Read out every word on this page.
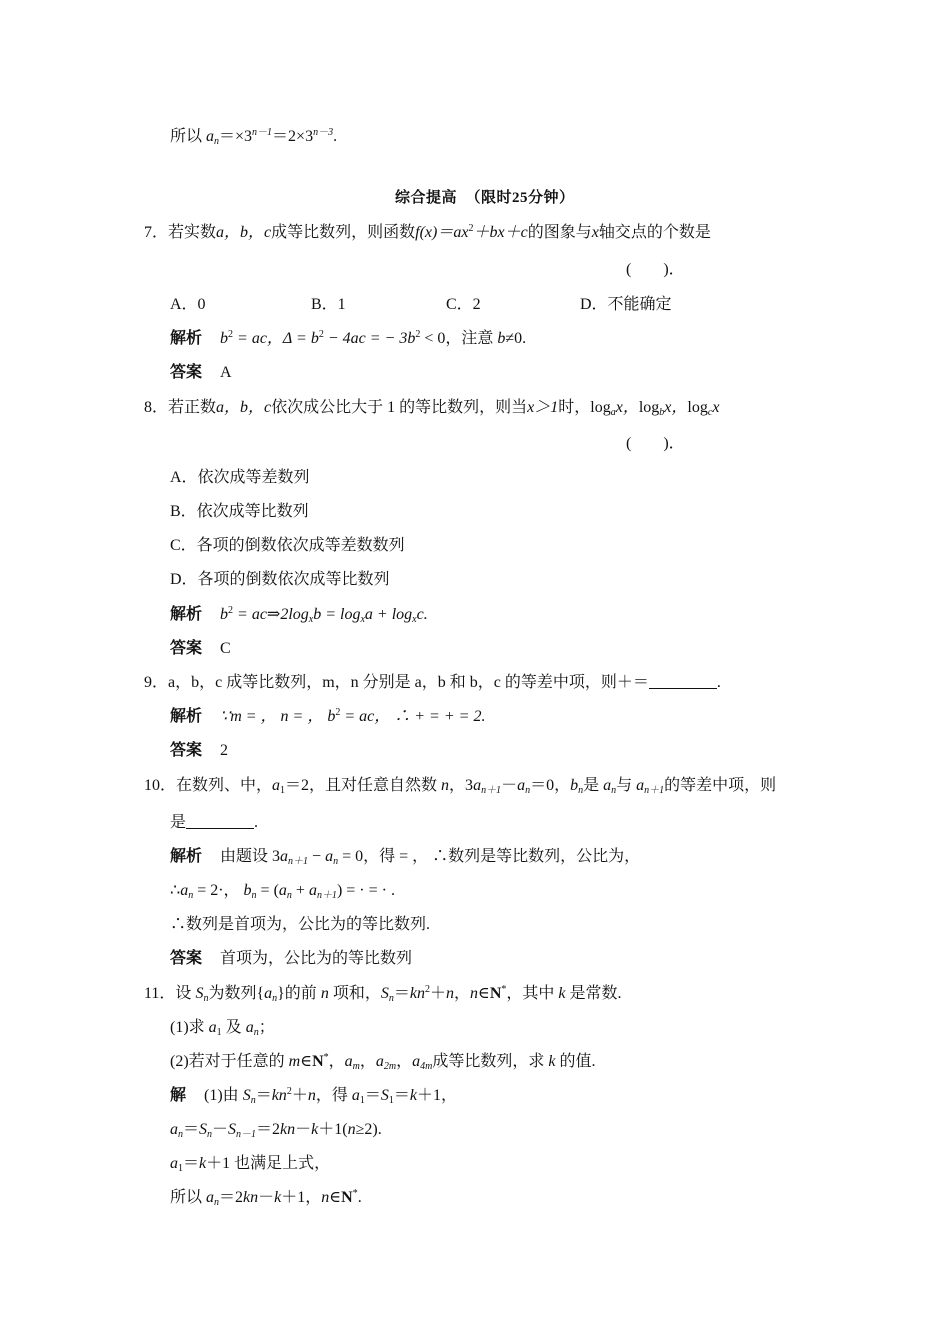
所以 $a_n=\times 3^{n-1}=2\times 3^{n-3}$.
综合提高 （限时25分钟）
7．若实数a，b，c成等比数列，则函数$f(x)=ax^2+bx+c$的图象与x轴交点的个数是
(　　)．
A．0	B．1	C．2	D．不能确定
解析 $b^2$ = ac，$\Delta = b^2 - 4ac$ = − $3b^2 < 0$，注意 b≠0.
答案 A
8．若正数a，b，c依次成公比大于 1 的等比数列，则当x＞1时，$\log_ax$，$\log_bx$，$\log_cx$
(　　)．
A．依次成等差数列
B．依次成等比数列
C．各项的倒数依次成等差数数列
D．各项的倒数依次成等比数列
解析 $b^2$ = $ac\Rightarrow 2\log_xb = \log_xa + \log_xc$.
答案 C
9．a，b，c 成等比数列，m，n 分别是 a，b 和 b，c 的等差中项，则＋＝	.
解析 ∵m = ， n = ， $b^2$ = ac， ∴ + = + = 2.
答案 2
10．在数列、中，$a_1=2$，且对任意自然数 n，$3a_{n+1}-a_n=0$，$b_n$是 $a_n$与 $a_{n+1}$的等差中项，则
是	.
解析 由题设 $3a_{n+1} - a_n = 0$，得 = ， ∴数列是等比数列，公比为，
$\therefore a_n = 2\cdot$， $b_n = (a_n + a_{n+1})$ = · = · .
∴数列是首项为，公比为的等比数列.
答案 首项为，公比为的等比数列
11．设 $S_n$为数列$\{a_n\}$的前 n 项和，$S_n=kn^2+n$，n∈N*，其中 k 是常数.
(1)求 $a_1$ 及 $a_n$；
(2)若对于任意的 m∈N*，$a_m$，$a_{2m}$，$a_{4m}$成等比数列，求 k 的值.
解 (1)由 $S_n=kn^2+n$，得 $a_1=S_1=k+1$，
$a_n=S_n-S_{n-1}=2kn-k+1(n\ge 2)$.
$a_1=k+1$ 也满足上式，
所以 $a_n=2kn-k+1$，n∈N*.
